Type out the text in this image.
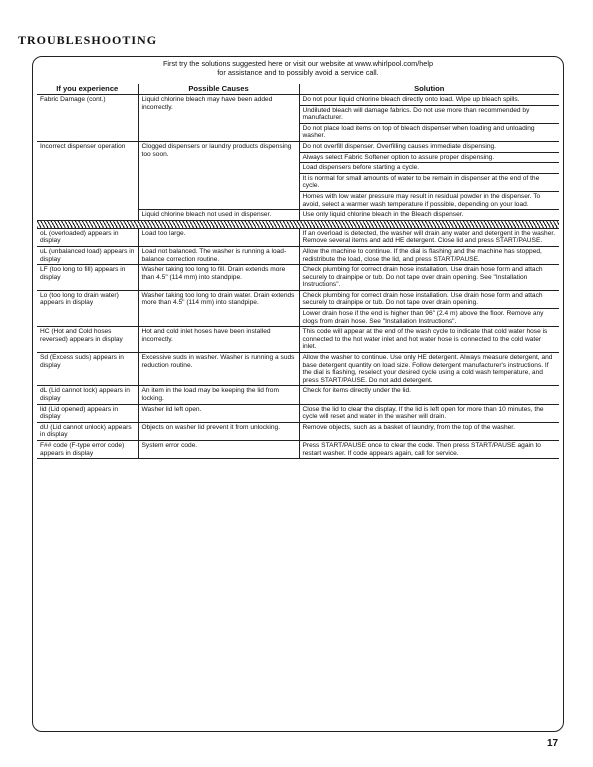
TROUBLESHOOTING
First try the solutions suggested here or visit our website at www.whirlpool.com/help
for assistance and to possibly avoid a service call.
If you experience	Possible Causes	Solution
Fabric Damage (cont.)	Liquid chlorine bleach may have been added incorrectly.	Do not pour liquid chlorine bleach directly onto load. Wipe up bleach spills.
		Undiluted bleach will damage fabrics. Do not use more than recommended by manufacturer.
		Do not place load items on top of bleach dispenser when loading and unloading washer.
Incorrect dispenser operation	Clogged dispensers or laundry products dispensing too soon.	Do not overfill dispenser. Overfilling causes immediate dispensing.
		Always select Fabric Softener option to assure proper dispensing.
		Load dispensers before starting a cycle.
		It is normal for small amounts of water to be remain in dispenser at the end of the cycle.
		Homes with low water pressure may result in residual powder in the dispenser. To avoid, select a warmer wash temperature if possible, depending on your load.
	Liquid chlorine bleach not used in dispenser.	Use only liquid chlorine bleach in the Bleach dispenser.

oL (overloaded) appears in display	Load too large.	If an overload is detected, the washer will drain any water and detergent in the washer. Remove several items and add HE detergent. Close lid and press START/PAUSE.
uL (unbalanced load) appears in display	Load not balanced. The washer is running a load-balance correction routine.	Allow the machine to continue. If the dial is flashing and the machine has stopped, redistribute the load, close the lid, and press START/PAUSE.
LF (too long to fill) appears in display	Washer taking too long to fill. Drain extends more than 4.5" (114 mm) into standpipe.	Check plumbing for correct drain hose installation. Use drain hose form and attach securely to drainpipe or tub. Do not tape over drain opening. See "Installation Instructions".
Lo (too long to drain water) appears in display	Washer taking too long to drain water. Drain extends more than 4.5" (114 mm) into standpipe.	Check plumbing for correct drain hose installation. Use drain hose form and attach securely to drainpipe or tub. Do not tape over drain opening.
		Lower drain hose if the end is higher than 96" (2.4 m) above the floor. Remove any clogs from drain hose. See "Installation Instructions".
HC (Hot and Cold hoses reversed) appears in display	Hot and cold inlet hoses have been installed incorrectly.	This code will appear at the end of the wash cycle to indicate that cold water hose is connected to the hot water inlet and hot water hose is connected to the cold water inlet.
Sd (Excess suds) appears in display	Excessive suds in washer. Washer is running a suds reduction routine.	Allow the washer to continue. Use only HE detergent. Always measure detergent, and base detergent quantity on load size. Follow detergent manufacturer's instructions. If the dial is flashing, reselect your desired cycle using a cold wash temperature, and press START/PAUSE. Do not add detergent.
dL (Lid cannot lock) appears in display	An item in the load may be keeping the lid from locking.	Check for items directly under the lid.
lid (Lid opened) appears in display	Washer lid left open.	Close the lid to clear the display. If the lid is left open for more than 10 minutes, the cycle will reset and water in the washer will drain.
dU (Lid cannot unlock) appears in display	Objects on washer lid prevent it from unlocking.	Remove objects, such as a basket of laundry, from the top of the washer.
F## code (F-type error code) appears in display	System error code.	Press START/PAUSE once to clear the code. Then press START/PAUSE again to restart washer. If code appears again, call for service.
17
